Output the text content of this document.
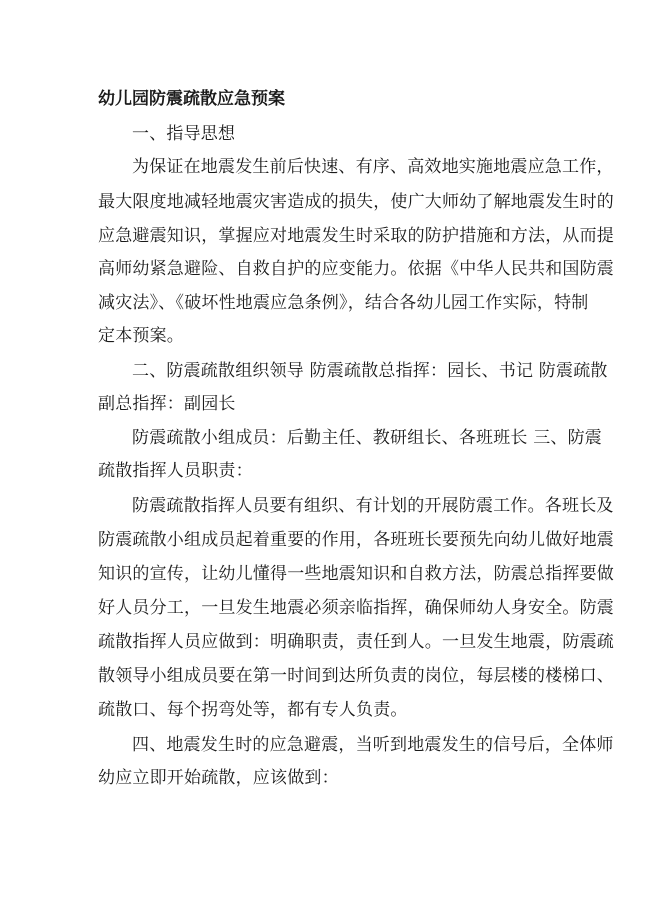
幼儿园防震疏散应急预案
一、指导思想
为保证在地震发生前后快速、有序、高效地实施地震应急工作，
最大限度地减轻地震灾害造成的损失，使广大师幼了解地震发生时的
应急避震知识，掌握应对地震发生时采取的防护措施和方法，从而提
高师幼紧急避险、自救自护的应变能力。依据《中华人民共和国防震
减灾法》、《破坏性地震应急条例》，结合各幼儿园工作实际，特制
定本预案。
二、防震疏散组织领导 防震疏散总指挥：园长、书记 防震疏散
副总指挥：副园长
防震疏散小组成员：后勤主任、教研组长、各班班长 三、防震
疏散指挥人员职责：
防震疏散指挥人员要有组织、有计划的开展防震工作。各班长及
防震疏散小组成员起着重要的作用，各班班长要预先向幼儿做好地震
知识的宣传，让幼儿懂得一些地震知识和自救方法，防震总指挥要做
好人员分工，一旦发生地震必须亲临指挥，确保师幼人身安全。防震
疏散指挥人员应做到：明确职责，责任到人。一旦发生地震，防震疏
散领导小组成员要在第一时间到达所负责的岗位，每层楼的楼梯口、
疏散口、每个拐弯处等，都有专人负责。
四、地震发生时的应急避震，当听到地震发生的信号后，全体师
幼应立即开始疏散，应该做到：
